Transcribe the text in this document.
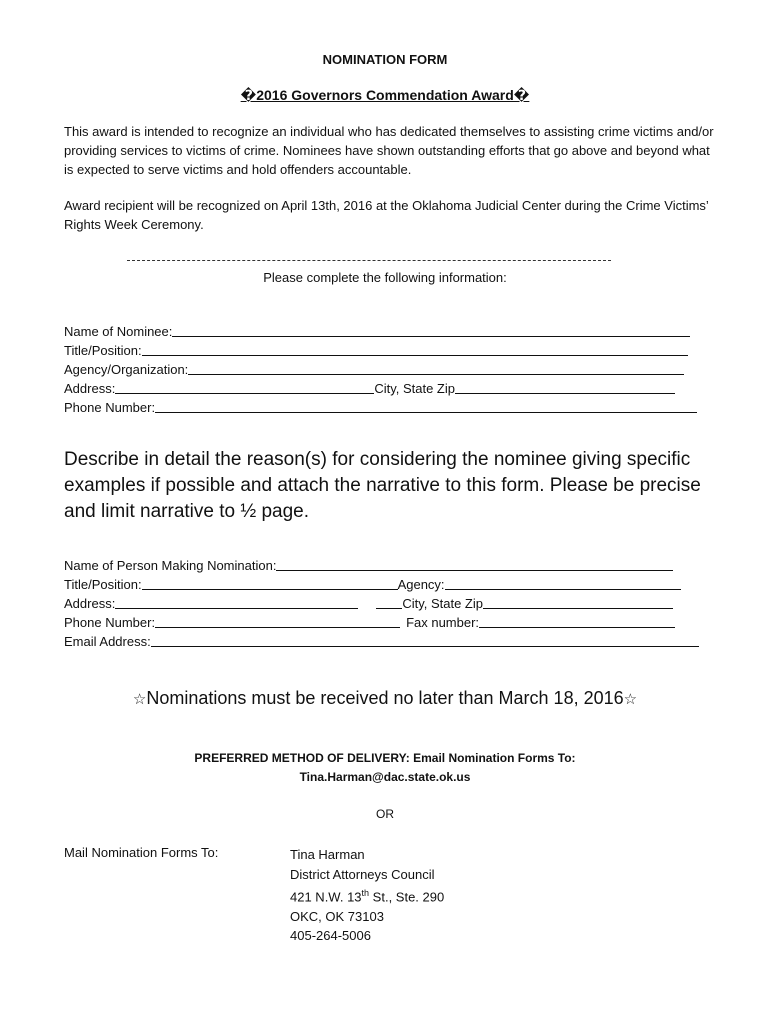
NOMINATION FORM
�2016 Governors Commendation Award�
This award is intended to recognize an individual who has dedicated themselves to assisting crime victims and/or providing services to victims of crime. Nominees have shown outstanding efforts that go above and beyond what is expected to serve victims and hold offenders accountable.
Award recipient will be recognized on April 13th, 2016 at the Oklahoma Judicial Center during the Crime Victims’ Rights Week Ceremony.
Please complete the following information:
Name of Nominee:
Title/Position:
Agency/Organization:
Address:	City, State Zip
Phone Number:
Describe in detail the reason(s) for considering the nominee giving specific examples if possible and attach the narrative to this form. Please be precise and limit narrative to ½ page.
Name of Person Making Nomination:
Title/Position:	Agency:
Address:	City, State Zip
Phone Number:	Fax number:
Email Address:
☆Nominations must be received no later than March 18, 2016☆
PREFERRED METHOD OF DELIVERY: Email Nomination Forms To:
Tina.Harman@dac.state.ok.us
OR
Mail Nomination Forms To:	Tina Harman
District Attorneys Council
421 N.W. 13th St., Ste. 290
OKC, OK 73103
405-264-5006
